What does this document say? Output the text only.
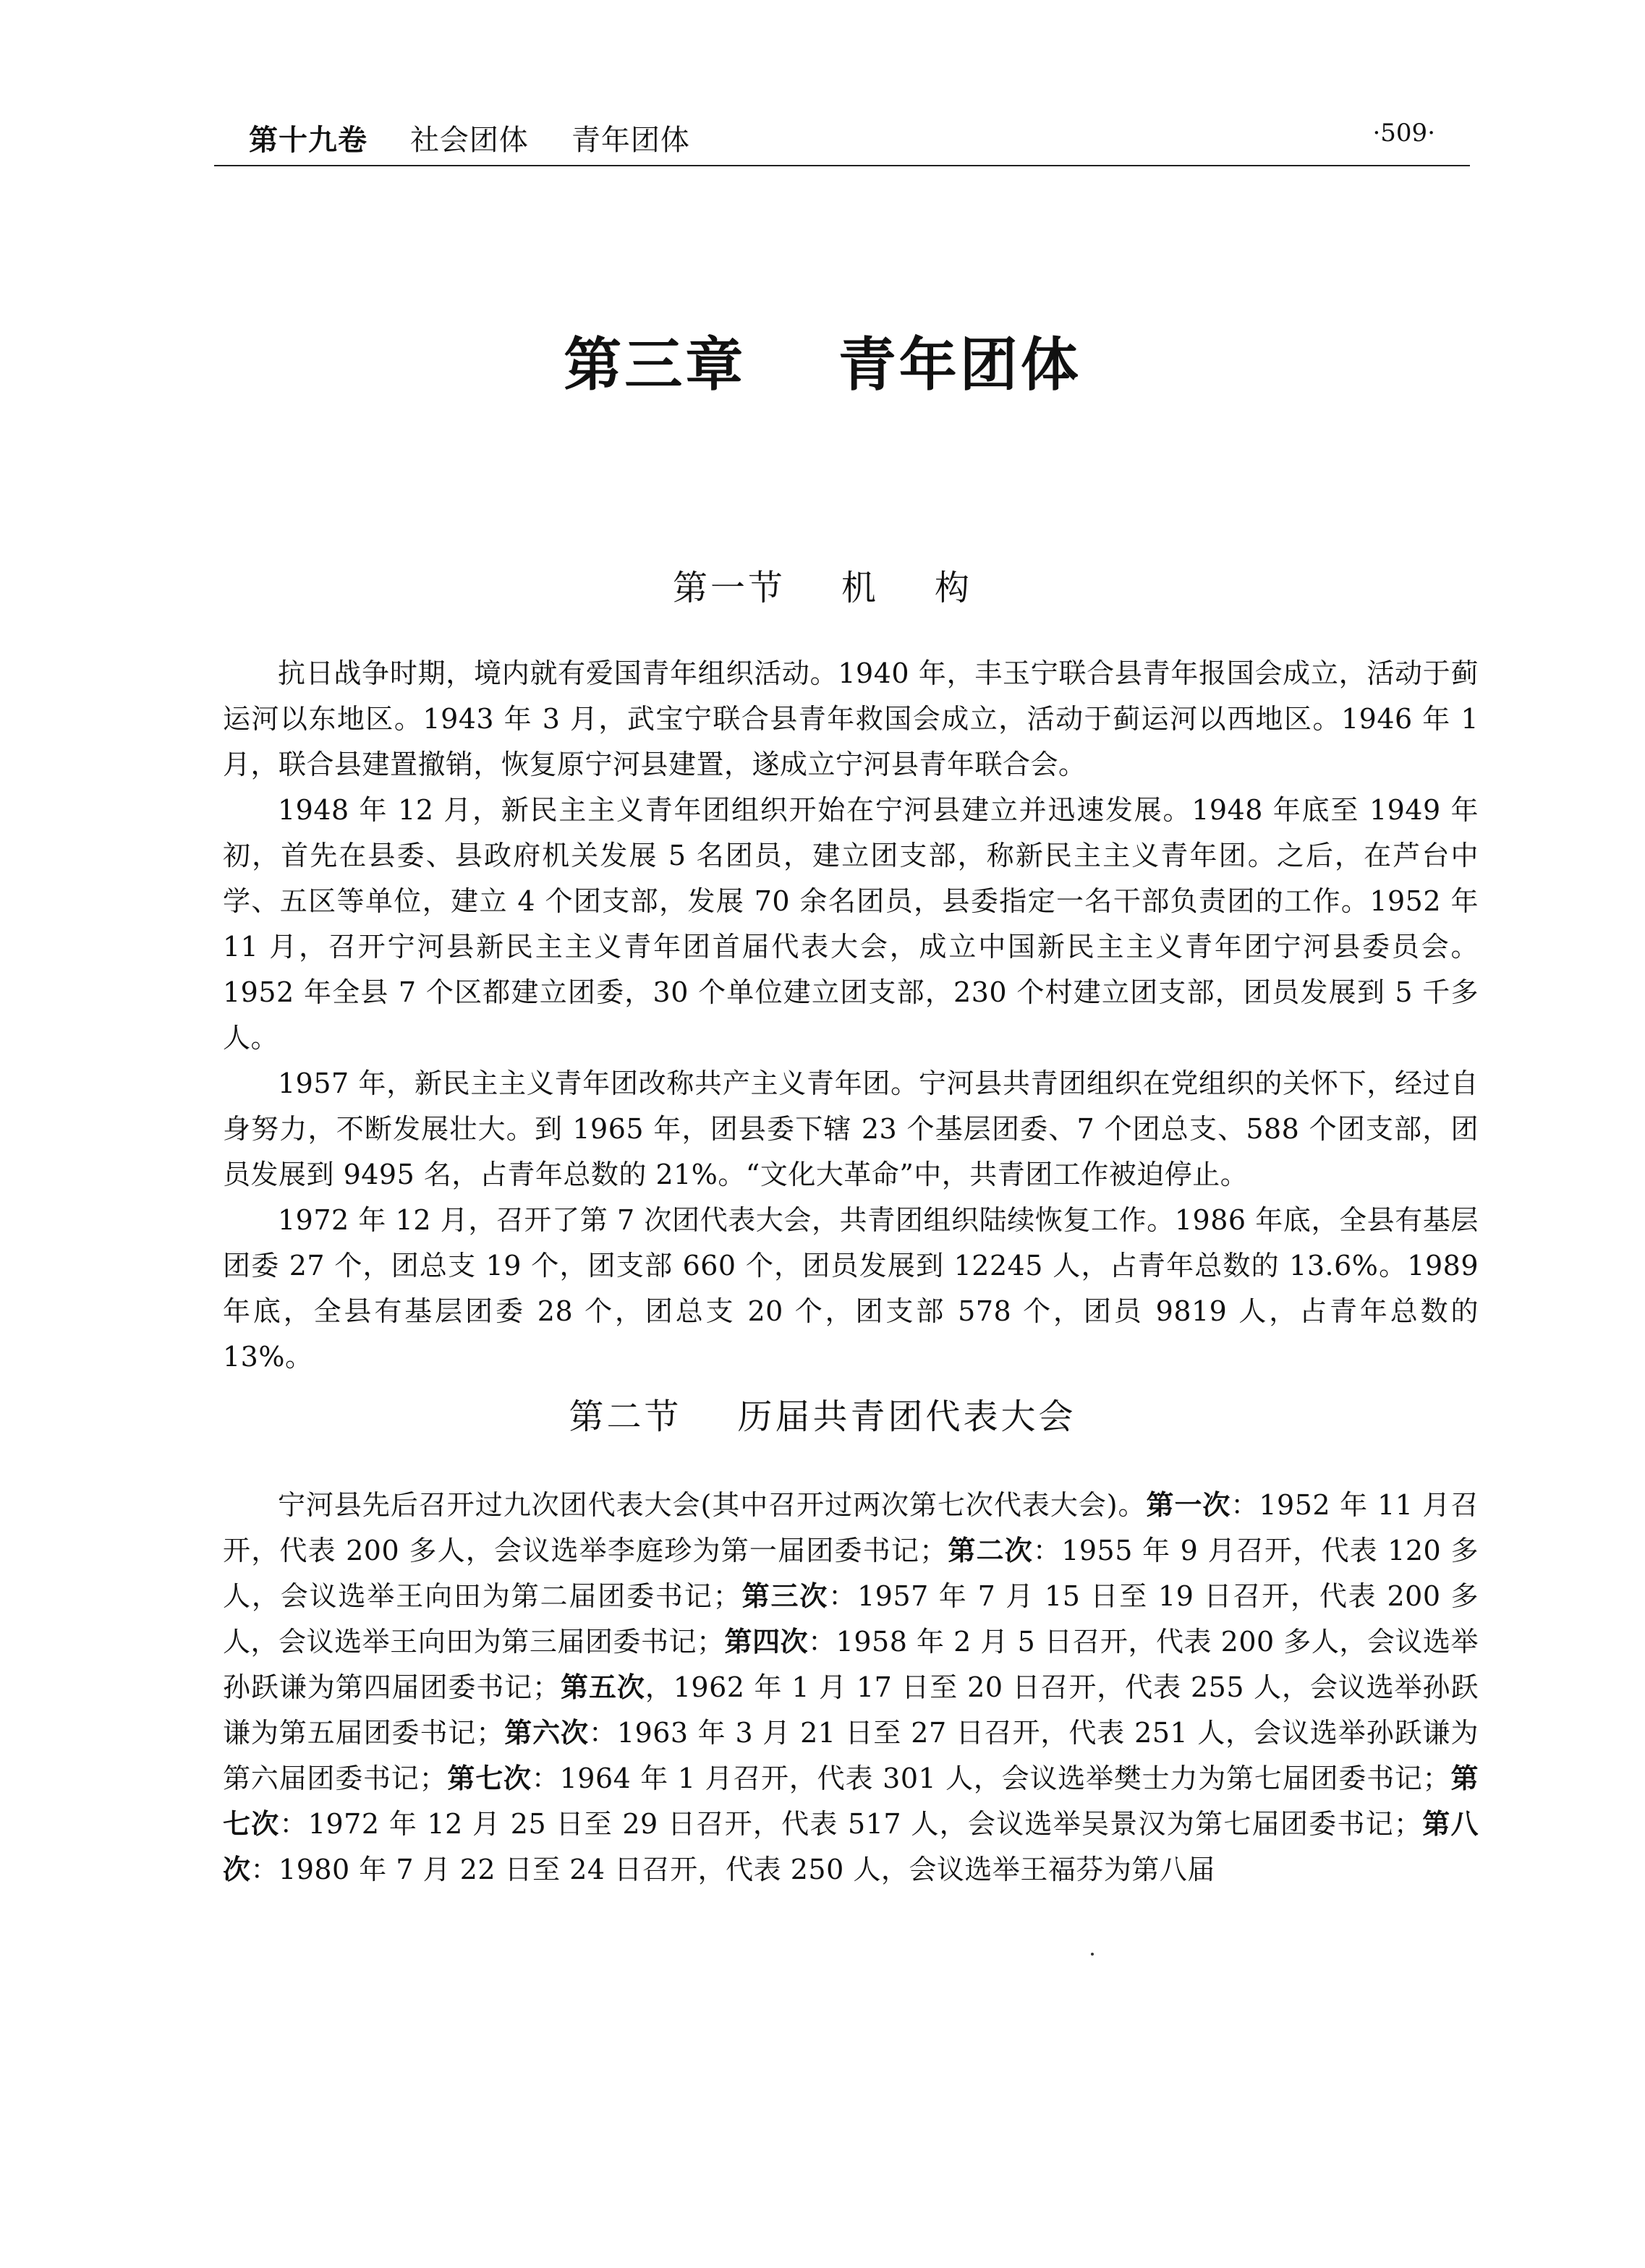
第十九卷 社会团体 青年团体	·509·
第三章    青年团体
第一节    机    构

抗日战争时期，境内就有爱国青年组织活动。1940 年，丰玉宁联合县青年报国会成立，活动于蓟运河以东地区。1943 年 3 月，武宝宁联合县青年救国会成立，活动于蓟运河以西地区。1946 年 1 月，联合县建置撤销，恢复原宁河县建置，遂成立宁河县青年联合会。

1948 年 12 月，新民主主义青年团组织开始在宁河县建立并迅速发展。1948 年底至 1949 年初，首先在县委、县政府机关发展 5 名团员，建立团支部，称新民主主义青年团。之后，在芦台中学、五区等单位，建立 4 个团支部，发展 70 余名团员，县委指定一名干部负责团的工作。1952 年 11 月，召开宁河县新民主主义青年团首届代表大会，成立中国新民主主义青年团宁河县委员会。1952 年全县 7 个区都建立团委，30 个单位建立团支部，230 个村建立团支部，团员发展到 5 千多人。

1957 年，新民主主义青年团改称共产主义青年团。宁河县共青团组织在党组织的关怀下，经过自身努力，不断发展壮大。到 1965 年，团县委下辖 23 个基层团委、7 个团总支、588 个团支部，团员发展到 9495 名，占青年总数的 21%。“文化大革命”中，共青团工作被迫停止。

1972 年 12 月，召开了第 7 次团代表大会，共青团组织陆续恢复工作。1986 年底，全县有基层团委 27 个，团总支 19 个，团支部 660 个，团员发展到 12245 人，占青年总数的 13.6%。1989 年底，全县有基层团委 28 个，团总支 20 个，团支部 578 个，团员 9819 人，占青年总数的 13%。

第二节    历届共青团代表大会

宁河县先后召开过九次团代表大会(其中召开过两次第七次代表大会)。第一次：1952 年 11 月召开，代表 200 多人，会议选举李庭珍为第一届团委书记；第二次：1955 年 9 月召开，代表 120 多人，会议选举王向田为第二届团委书记；第三次：1957 年 7 月 15 日至 19 日召开，代表 200 多人，会议选举王向田为第三届团委书记；第四次：1958 年 2 月 5 日召开，代表 200 多人，会议选举孙跃谦为第四届团委书记；第五次，1962 年 1 月 17 日至 20 日召开，代表 255 人，会议选举孙跃谦为第五届团委书记；第六次：1963 年 3 月 21 日至 27 日召开，代表 251 人，会议选举孙跃谦为第六届团委书记；第七次：1964 年 1 月召开，代表 301 人，会议选举樊士力为第七届团委书记；第七次：1972 年 12 月 25 日至 29 日召开，代表 517 人，会议选举吴景汉为第七届团委书记；第八次：1980 年 7 月 22 日至 24 日召开，代表 250 人，会议选举王福芬为第八届
